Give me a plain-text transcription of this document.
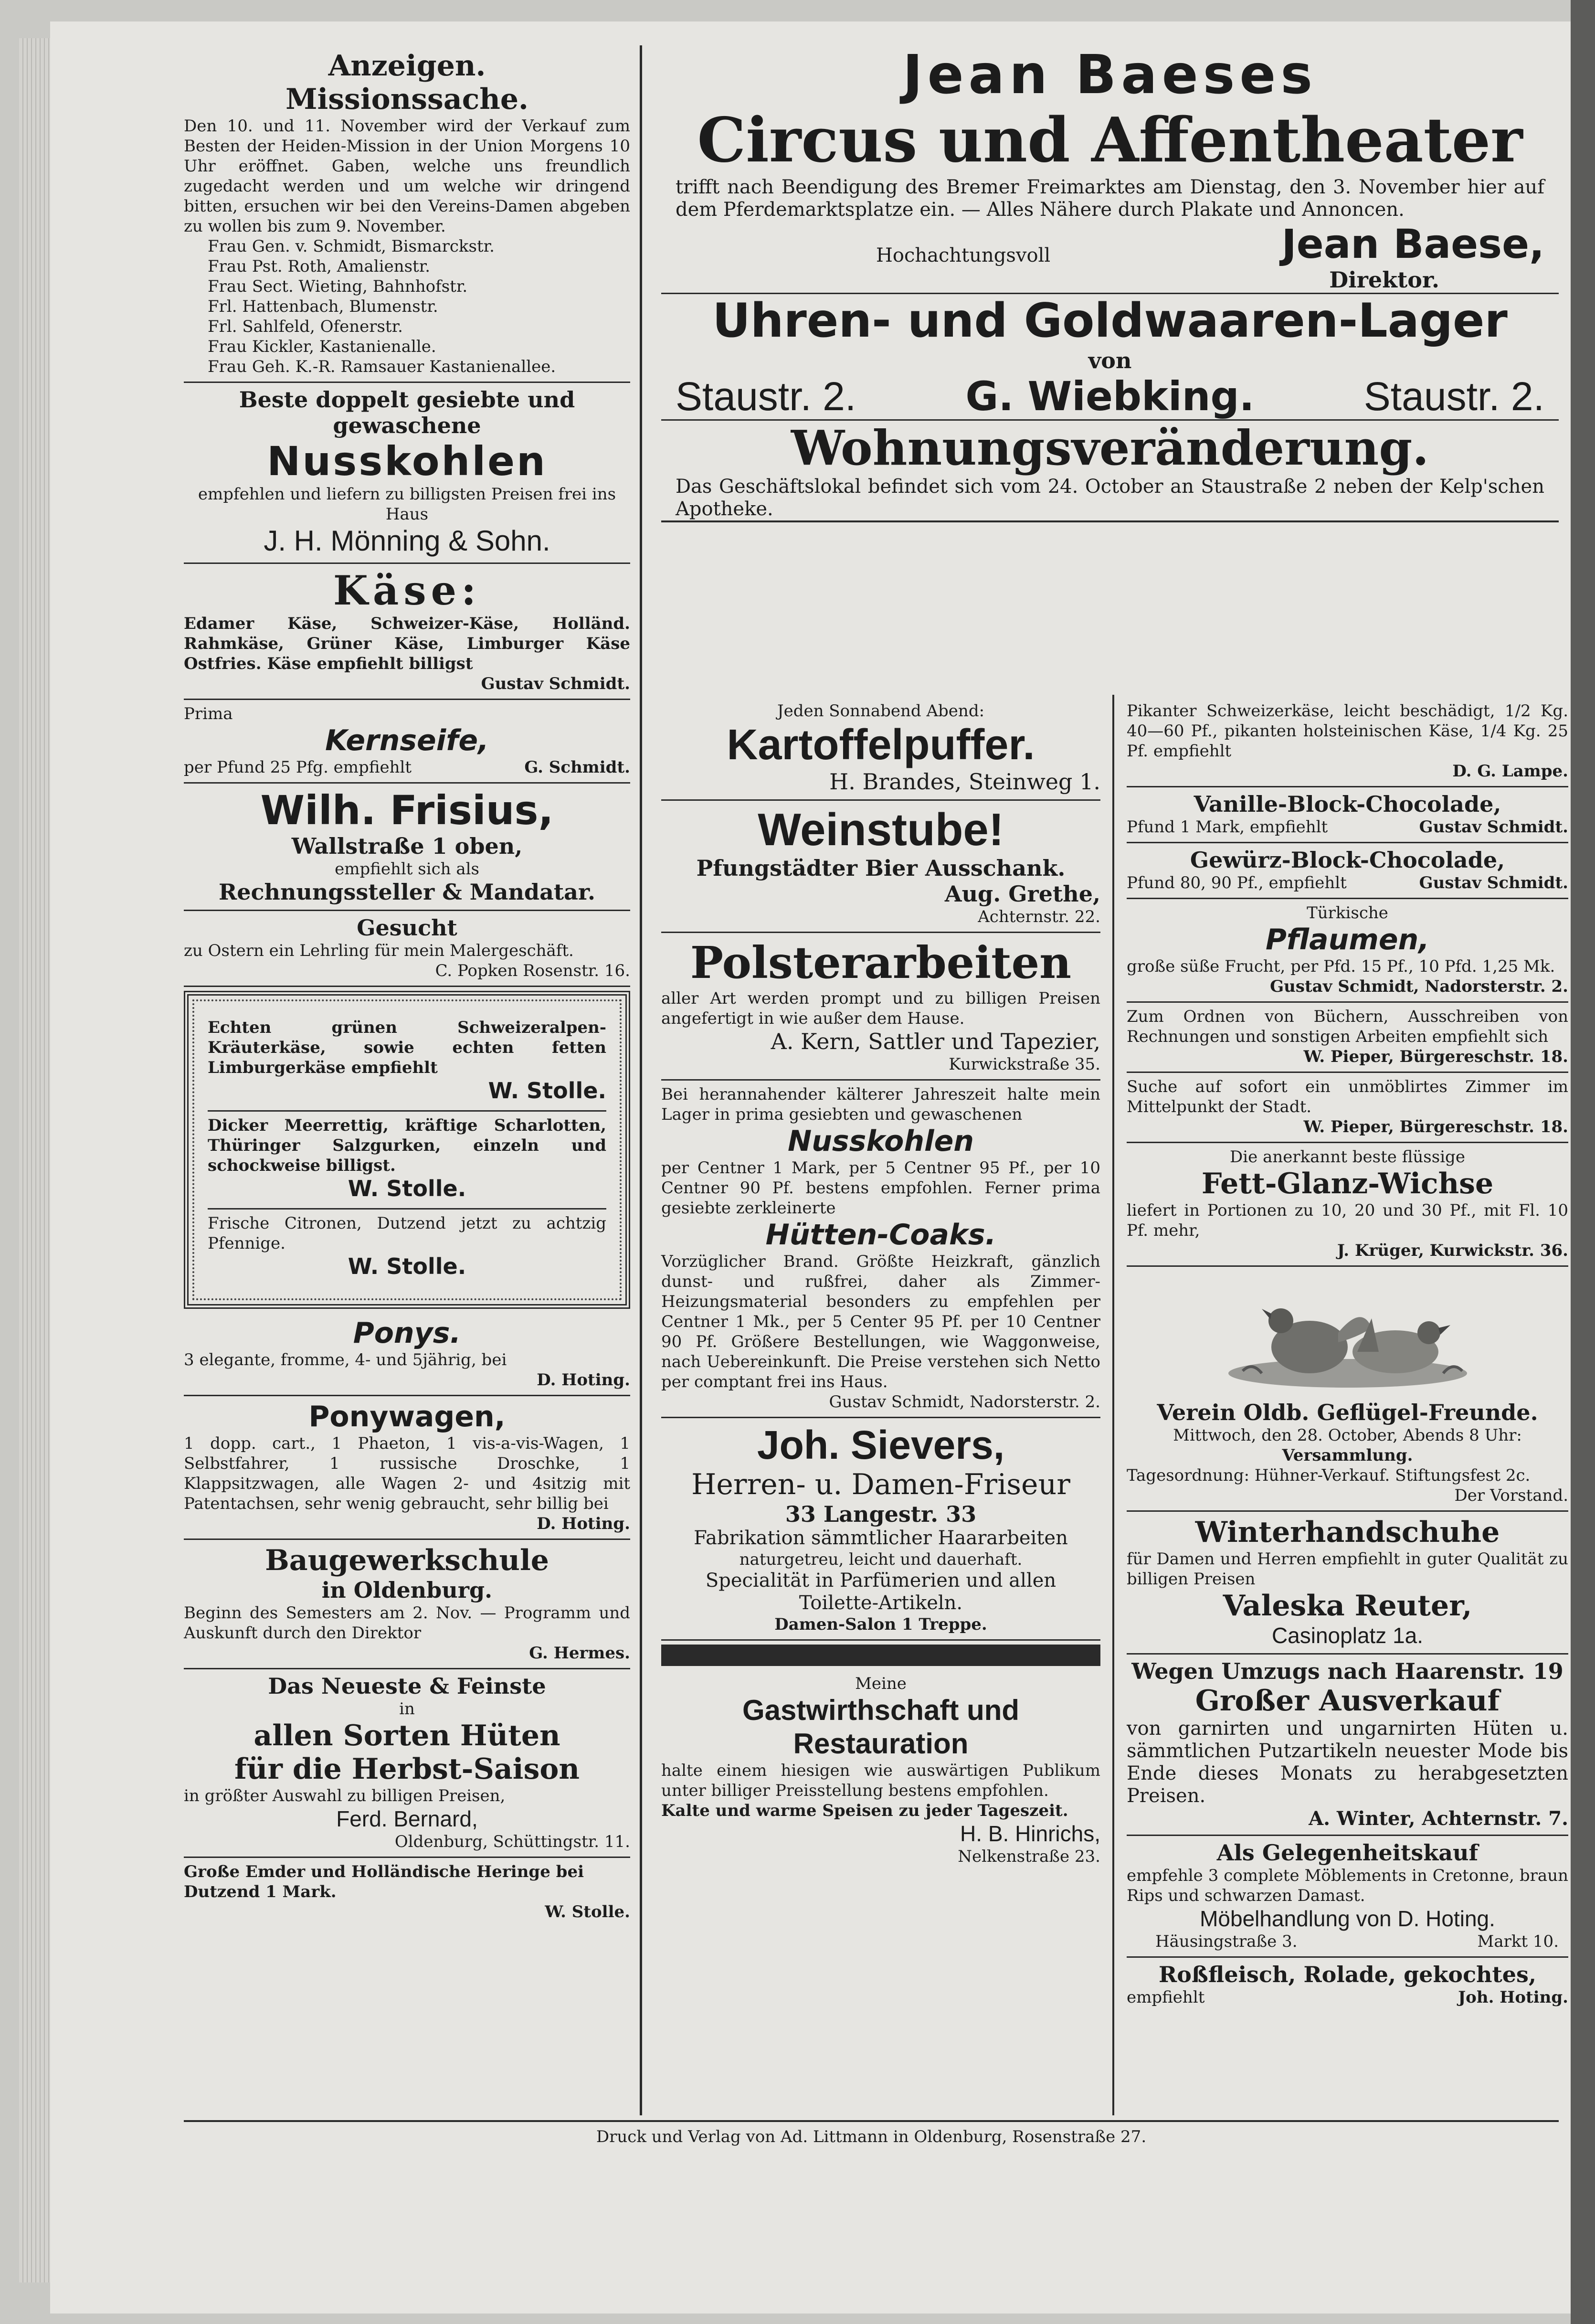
Anzeigen.
Missionssache.
Den 10. und 11. November wird der Verkauf zum Besten der Heiden-Mission in der Union Morgens 10 Uhr eröffnet. Gaben, welche uns freundlich zugedacht werden und um welche wir dringend bitten, ersuchen wir bei den Vereins-Damen abgeben zu wollen bis zum 9. November.
Frau Gen. v. Schmidt, Bismarckstr.
Frau Pst. Roth, Amalienstr.
Frau Sect. Wieting, Bahnhofstr.
Frl. Hattenbach, Blumenstr.
Frl. Sahlfeld, Ofenerstr.
Frau Kickler, Kastanienalle.
Frau Geh. K.-R. Ramsauer Kastanienallee.
Beste doppelt gesiebte und gewaschene
Nusskohlen
empfehlen und liefern zu billigsten Preisen frei ins Haus
J. H. Mönning & Sohn.
Käse:
Edamer Käse, Schweizer-Käse, Holländ. Rahmkäse, Grüner Käse, Limburger Käse Ostfries. Käse empfiehlt billigst
Gustav Schmidt.
Prima
Kernseife,
per Pfund 25 Pfg. empfiehlt	G. Schmidt.
Wilh. Frisius,
Wallstraße 1 oben,
empfiehlt sich als
Rechnungssteller & Mandatar.
Gesucht
zu Ostern ein Lehrling für mein Malergeschäft.
C. Popken Rosenstr. 16.
Echten grünen Schweizeralpen-Kräuterkäse, sowie echten fetten Limburgerkäse empfiehlt
W. Stolle.
Dicker Meerrettig, kräftige Scharlotten, Thüringer Salzgurken, einzeln und schockweise billigst.
W. Stolle.
Frische Citronen, Dutzend jetzt zu achtzig Pfennige.
W. Stolle.
Ponys.
3 elegante, fromme, 4- und 5jährig, bei
D. Hoting.
Ponywagen,
1 dopp. cart., 1 Phaeton, 1 vis-a-vis-Wagen, 1 Selbstfahrer, 1 russische Droschke, 1 Klappsitzwagen, alle Wagen 2- und 4sitzig mit Patentachsen, sehr wenig gebraucht, sehr billig bei
D. Hoting.
Baugewerkschule
in Oldenburg.
Beginn des Semesters am 2. Nov. — Programm und Auskunft durch den Direktor
G. Hermes.
Das Neueste & Feinste
in
allen Sorten Hüten
für die Herbst-Saison
in größter Auswahl zu billigen Preisen,
Ferd. Bernard,
Oldenburg, Schüttingstr. 11.
Große Emder und Holländische Heringe bei Dutzend 1 Mark.
W. Stolle.
Jean Baeses
Circus und Affentheater
trifft nach Beendigung des Bremer Freimarktes am Dienstag, den 3. November hier auf dem Pferdemarktsplatze ein. — Alles Nähere durch Plakate und Annoncen.
Hochachtungsvoll	Jean Baese,
Direktor.
Uhren- und Goldwaaren-Lager
von
Staustr. 2.	G. Wiebking.	Staustr. 2.
Wohnungsveränderung.
Das Geschäftslokal befindet sich vom 24. October an Staustraße 2 neben der Kelp'schen Apotheke.
Jeden Sonnabend Abend:
Kartoffelpuffer.
H. Brandes, Steinweg 1.
Weinstube!
Pfungstädter Bier Ausschank.
Aug. Grethe,
Achternstr. 22.
Polsterarbeiten
aller Art werden prompt und zu billigen Preisen angefertigt in wie außer dem Hause.
A. Kern, Sattler und Tapezier,
Kurwickstraße 35.
Bei herannahender kälterer Jahreszeit halte mein Lager in prima gesiebten und gewaschenen
Nusskohlen
per Centner 1 Mark, per 5 Centner 95 Pf., per 10 Centner 90 Pf. bestens empfohlen. Ferner prima gesiebte zerkleinerte
Hütten-Coaks.
Vorzüglicher Brand. Größte Heizkraft, gänzlich dunst- und rußfrei, daher als Zimmer-Heizungsmaterial besonders zu empfehlen per Centner 1 Mk., per 5 Center 95 Pf. per 10 Centner 90 Pf. Größere Bestellungen, wie Waggonweise, nach Uebereinkunft. Die Preise verstehen sich Netto per comptant frei ins Haus.
Gustav Schmidt, Nadorsterstr. 2.
Joh. Sievers,
Herren- u. Damen-Friseur
33 Langestr. 33
Fabrikation sämmtlicher Haararbeiten
naturgetreu, leicht und dauerhaft.
Specialität in Parfümerien und allen
Toilette-Artikeln.
Damen-Salon 1 Treppe.
Meine
Gastwirthschaft und
Restauration
halte einem hiesigen wie auswärtigen Publikum unter billiger Preisstellung bestens empfohlen.
Kalte und warme Speisen zu jeder Tageszeit.
H. B. Hinrichs,
Nelkenstraße 23.
Pikanter Schweizerkäse, leicht beschädigt, 1/2 Kg. 40—60 Pf., pikanten holsteinischen Käse, 1/4 Kg. 25 Pf. empfiehlt
D. G. Lampe.
Vanille-Block-Chocolade,
Pfund 1 Mark, empfiehlt	Gustav Schmidt.
Gewürz-Block-Chocolade,
Pfund 80, 90 Pf., empfiehlt	Gustav Schmidt.
Türkische
Pflaumen,
große süße Frucht, per Pfd. 15 Pf., 10 Pfd. 1,25 Mk.
Gustav Schmidt, Nadorsterstr. 2.
Zum Ordnen von Büchern, Ausschreiben von Rechnungen und sonstigen Arbeiten empfiehlt sich
W. Pieper, Bürgereschstr. 18.
Suche auf sofort ein unmöblirtes Zimmer im Mittelpunkt der Stadt.
W. Pieper, Bürgereschstr. 18.
Die anerkannt beste flüssige
Fett-Glanz-Wichse
liefert in Portionen zu 10, 20 und 30 Pf., mit Fl. 10 Pf. mehr,
J. Krüger, Kurwickstr. 36.
Verein Oldb. Geflügel-Freunde.
Mittwoch, den 28. October, Abends 8 Uhr:
Versammlung.
Tagesordnung: Hühner-Verkauf. Stiftungsfest 2c.
Der Vorstand.
Winterhandschuhe
für Damen und Herren empfiehlt in guter Qualität zu billigen Preisen
Valeska Reuter,
Casinoplatz 1a.
Wegen Umzugs nach Haarenstr. 19
Großer Ausverkauf
von garnirten und ungarnirten Hüten u. sämmtlichen Putzartikeln neuester Mode bis Ende dieses Monats zu herabgesetzten Preisen.
A. Winter, Achternstr. 7.
Als Gelegenheitskauf
empfehle 3 complete Möblements in Cretonne, braun Rips und schwarzen Damast.
Möbelhandlung von D. Hoting.
Häusingstraße 3.	Markt 10.
Roßfleisch, Rolade, gekochtes,
empfiehlt	Joh. Hoting.
Druck und Verlag von Ad. Littmann in Oldenburg, Rosenstraße 27.
